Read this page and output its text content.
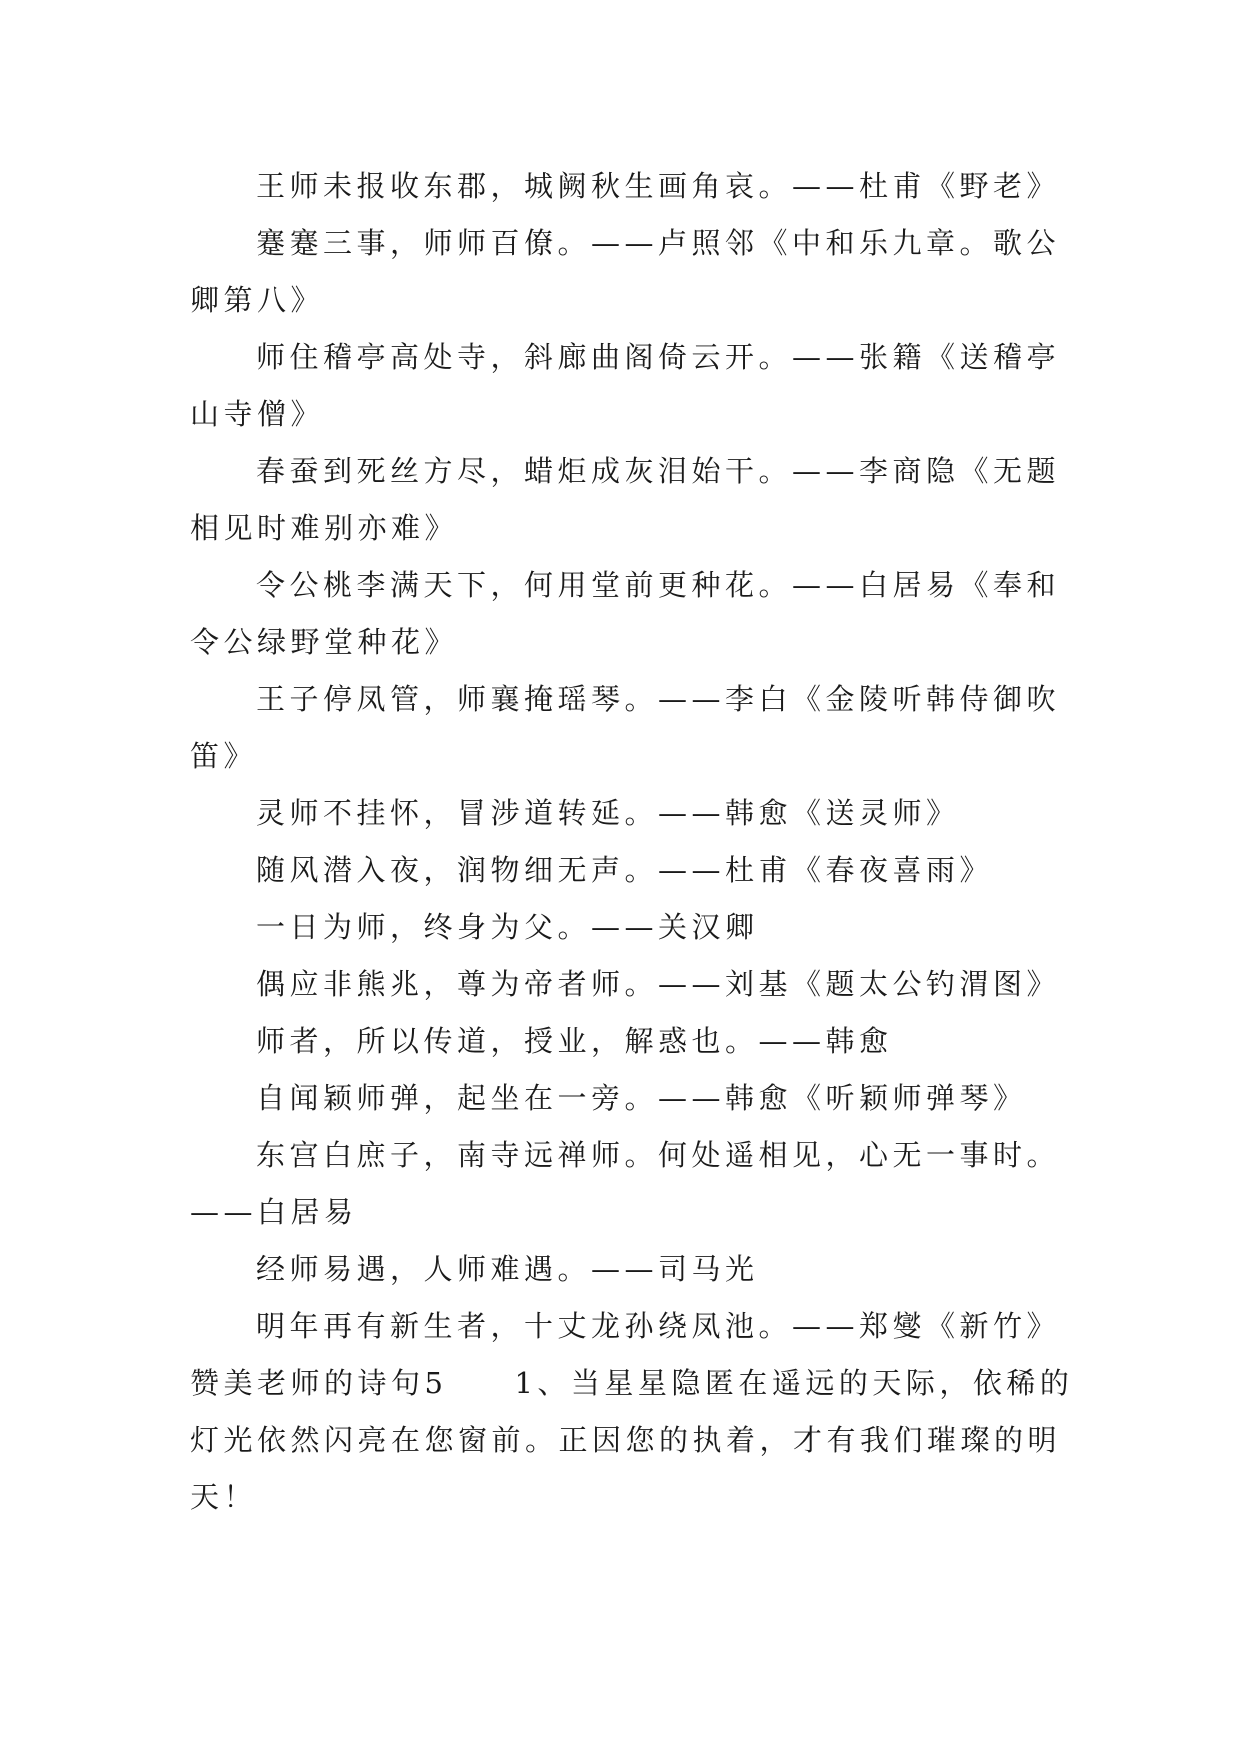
王师未报收东郡，城阙秋生画角哀。——杜甫《野老》

蹇蹇三事，师师百僚。——卢照邻《中和乐九章。歌公卿第八》

师住稽亭高处寺，斜廊曲阁倚云开。——张籍《送稽亭山寺僧》

春蚕到死丝方尽，蜡炬成灰泪始干。——李商隐《无题相见时难别亦难》

令公桃李满天下，何用堂前更种花。——白居易《奉和令公绿野堂种花》

王子停凤管，师襄掩瑶琴。——李白《金陵听韩侍御吹笛》

灵师不挂怀，冒涉道转延。——韩愈《送灵师》

随风潜入夜，润物细无声。——杜甫《春夜喜雨》

一日为师，终身为父。——关汉卿

偶应非熊兆，尊为帝者师。——刘基《题太公钓渭图》

师者，所以传道，授业，解惑也。——韩愈

自闻颖师弹，起坐在一旁。——韩愈《听颖师弹琴》

东宫白庶子，南寺远禅师。何处遥相见，心无一事时。——白居易

经师易遇，人师难遇。——司马光

明年再有新生者，十丈龙孙绕凤池。——郑燮《新竹》

赞美老师的诗句5　　1、当星星隐匿在遥远的天际，依稀的灯光依然闪亮在您窗前。正因您的执着，才有我们璀璨的明天！
